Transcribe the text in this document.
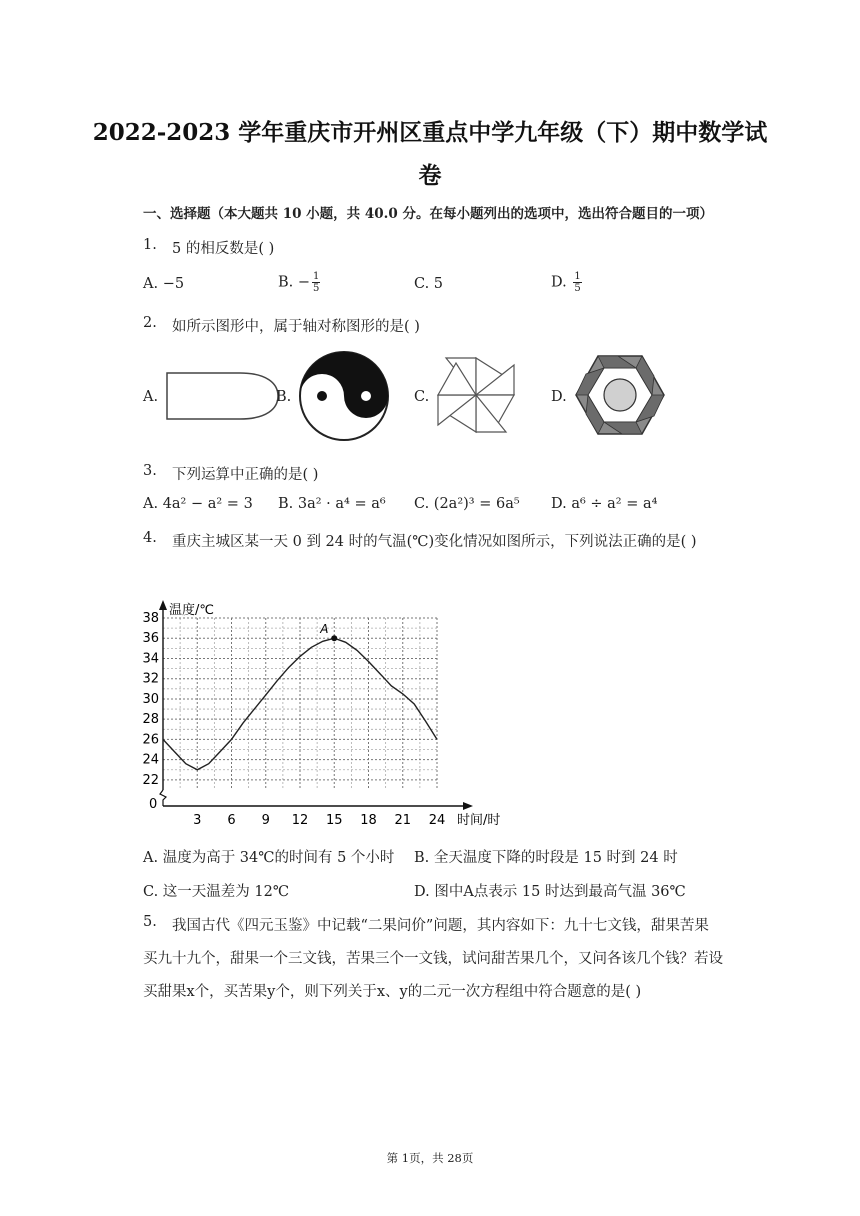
2022-2023 学年重庆市开州区重点中学九年级（下）期中数学试
卷
一、选择题（本大题共 10 小题，共 40.0 分。在每小题列出的选项中，选出符合题目的一项）
1. 5 的相反数是( )
A. −5	B. − $\frac{1}{5}$	C. 5	D. $\frac{1}{5}$
2. 如所示图形中，属于轴对称图形的是( )
A.	B.	C.	D.
3. 下列运算中正确的是( )
A. 4a² − a² = 3 B. 3a² · a⁴ = a⁶ C. (2a²)³ = 6a⁵ D. a⁶ ÷ a² = a⁴
4. 重庆主城区某一天 0 到 24 时的气温(℃)变化情况如图所示，下列说法正确的是( )
3 6 9 12 15 18 21 24
22
24
26
28
30
32
34
36
38
A
温度/℃
时间/时
0
A. 温度为高于 34℃的时间有 5 个小时 B. 全天温度下降的时段是 15 时到 24 时
C. 这一天温差为 12℃	D. 图中A点表示 15 时达到最高气温 36℃
5. 我国古代《四元玉鉴》中记载“二果问价”问题，其内容如下：九十七文钱，甜果苦果
买九十九个，甜果一个三文钱，苦果三个一文钱，试问甜苦果几个，又问各该几个钱？若设
买甜果x个，买苦果y个，则下列关于x、y的二元一次方程组中符合题意的是( )
第 1页，共 28页
